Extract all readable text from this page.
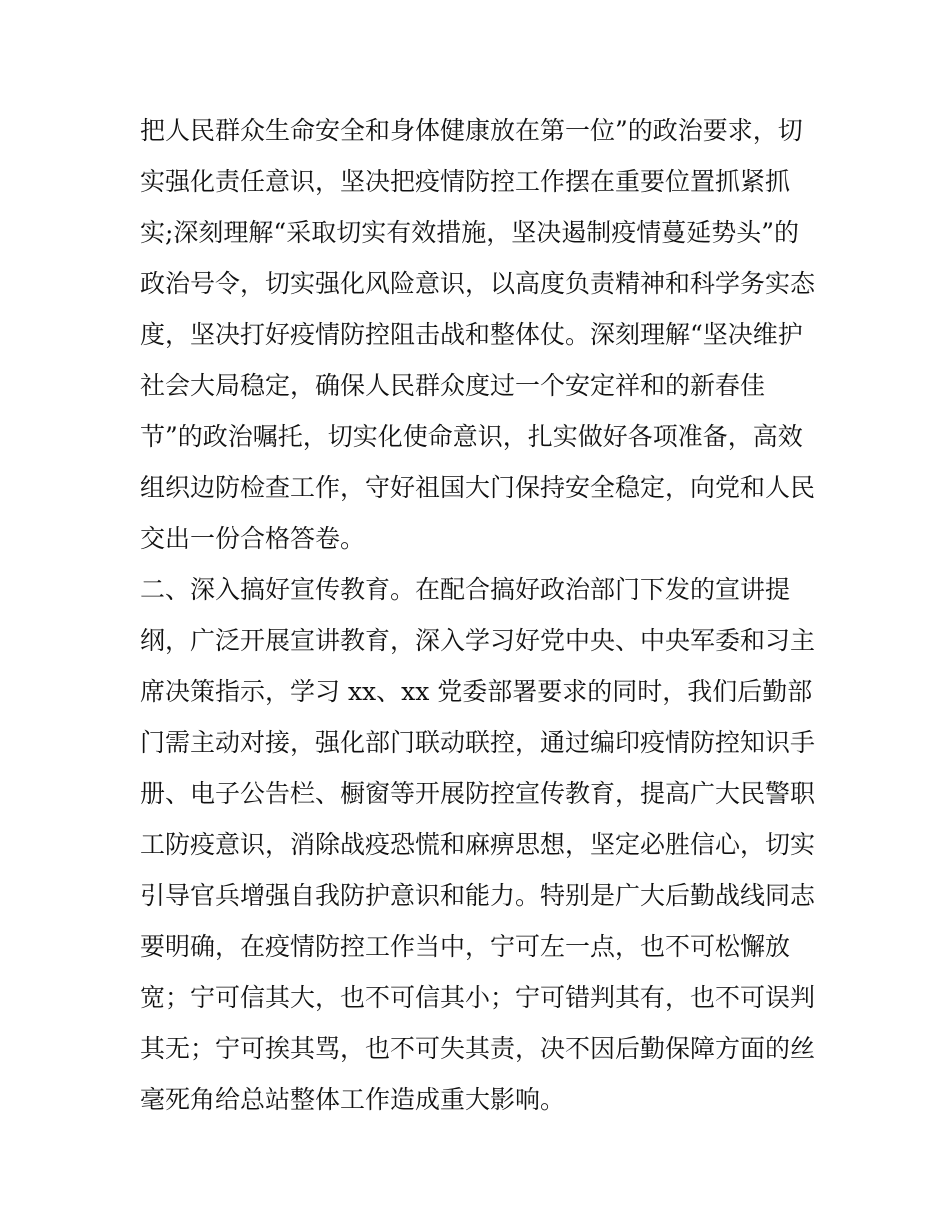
把人民群众生命安全和身体健康放在第一位”的政治要求，切
实强化责任意识，坚决把疫情防控工作摆在重要位置抓紧抓
实;深刻理解“采取切实有效措施，坚决遏制疫情蔓延势头”的
政治号令，切实强化风险意识，以高度负责精神和科学务实态
度，坚决打好疫情防控阻击战和整体仗。深刻理解“坚决维护
社会大局稳定，确保人民群众度过一个安定祥和的新春佳
节”的政治嘱托，切实化使命意识，扎实做好各项准备，高效
组织边防检查工作，守好祖国大门保持安全稳定，向党和人民
交出一份合格答卷。
二、深入搞好宣传教育。在配合搞好政治部门下发的宣讲提
纲，广泛开展宣讲教育，深入学习好党中央、中央军委和习主
席决策指示，学习 xx、xx 党委部署要求的同时，我们后勤部
门需主动对接，强化部门联动联控，通过编印疫情防控知识手
册、电子公告栏、橱窗等开展防控宣传教育，提高广大民警职
工防疫意识，消除战疫恐慌和麻痹思想，坚定必胜信心，切实
引导官兵增强自我防护意识和能力。特别是广大后勤战线同志
要明确，在疫情防控工作当中，宁可左一点，也不可松懈放
宽；宁可信其大，也不可信其小；宁可错判其有，也不可误判
其无；宁可挨其骂，也不可失其责，决不因后勤保障方面的丝
毫死角给总站整体工作造成重大影响。
